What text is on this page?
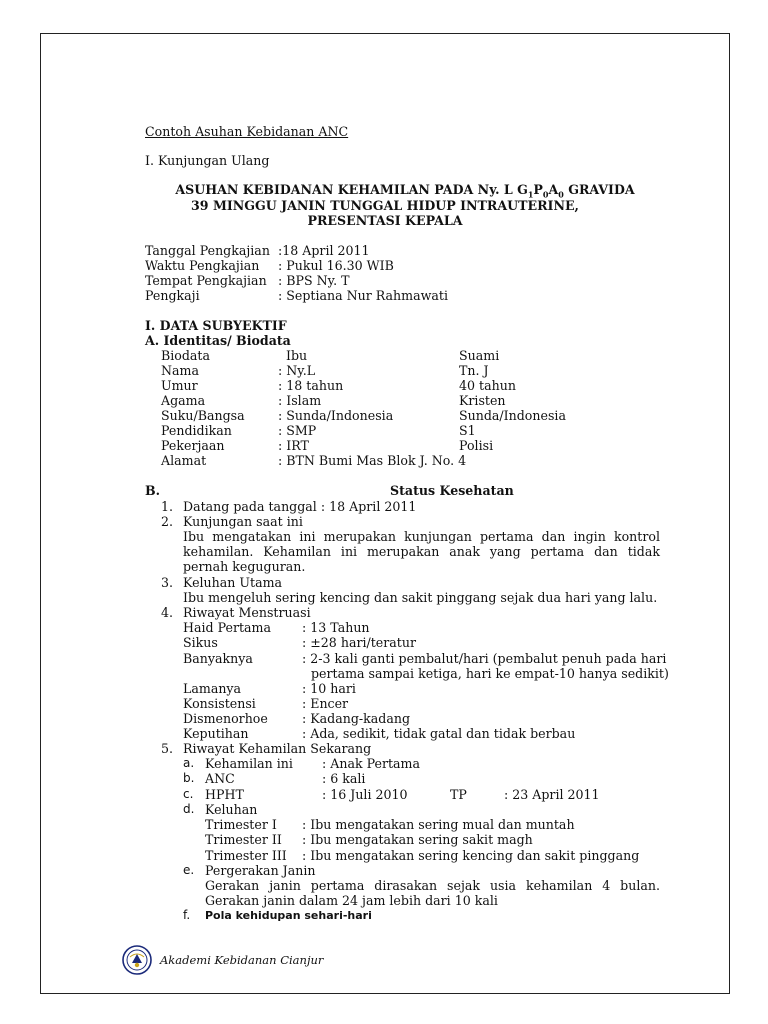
Contoh Asuhan Kebidanan ANC
I. Kunjungan Ulang
ASUHAN KEBIDANAN KEHAMILAN PADA Ny. L $G_1P_0A_0$ GRAVIDA
39 MINGGU JANIN TUNGGAL HIDUP INTRAUTERINE,
PRESENTASI KEPALA
Tanggal Pengkajian :18 April 2011
Waktu Pengkajian : Pukul 16.30 WIB
Tempat Pengkajian : BPS Ny. T
Pengkaji	: Septiana Nur Rahmawati
I. DATA SUBYEKTIF
A. Identitas/ Biodata
Biodata	Ibu	Suami
Nama	: Ny.L	Tn. J
Umur	: 18 tahun	40 tahun
Agama	: Islam	Kristen
Suku/Bangsa	: Sunda/Indonesia	Sunda/Indonesia
Pendidikan	: SMP	S1
Pekerjaan	: IRT	Polisi
Alamat	: BTN Bumi Mas Blok J. No. 4
B.	Status Kesehatan
1. Datang pada tanggal : 18 April 2011
2. Kunjungan saat ini
Ibu mengatakan ini merupakan kunjungan pertama dan ingin kontrol kehamilan. Kehamilan ini merupakan anak yang pertama dan tidak pernah keguguran.
3. Keluhan Utama
Ibu mengeluh sering kencing dan sakit pinggang sejak dua hari yang lalu.
4. Riwayat Menstruasi
Haid Pertama : 13 Tahun
Sikus	: ±28 hari/teratur
Banyaknya	: 2-3 kali ganti pembalut/hari (pembalut penuh pada hari
pertama sampai ketiga, hari ke empat-10 hanya sedikit)
Lamanya	: 10 hari
Konsistensi	: Encer
Dismenorhoe	: Kadang-kadang
Keputihan	: Ada, sedikit, tidak gatal dan tidak berbau
5. Riwayat Kehamilan Sekarang
a. Kehamilan ini : Anak Pertama
b. ANC	: 6 kali
c. HPHT	: 16 Juli 2010	TP	: 23 April 2011
d. Keluhan
Trimester I : Ibu mengatakan sering mual dan muntah
Trimester II : Ibu mengatakan sering sakit magh
Trimester III : Ibu mengatakan sering kencing dan sakit pinggang
e. Pergerakan Janin
Gerakan janin pertama dirasakan sejak usia kehamilan 4 bulan. Gerakan janin dalam 24 jam lebih dari 10 kali
f. Pola kehidupan sehari-hari
Akademi Kebidanan Cianjur
